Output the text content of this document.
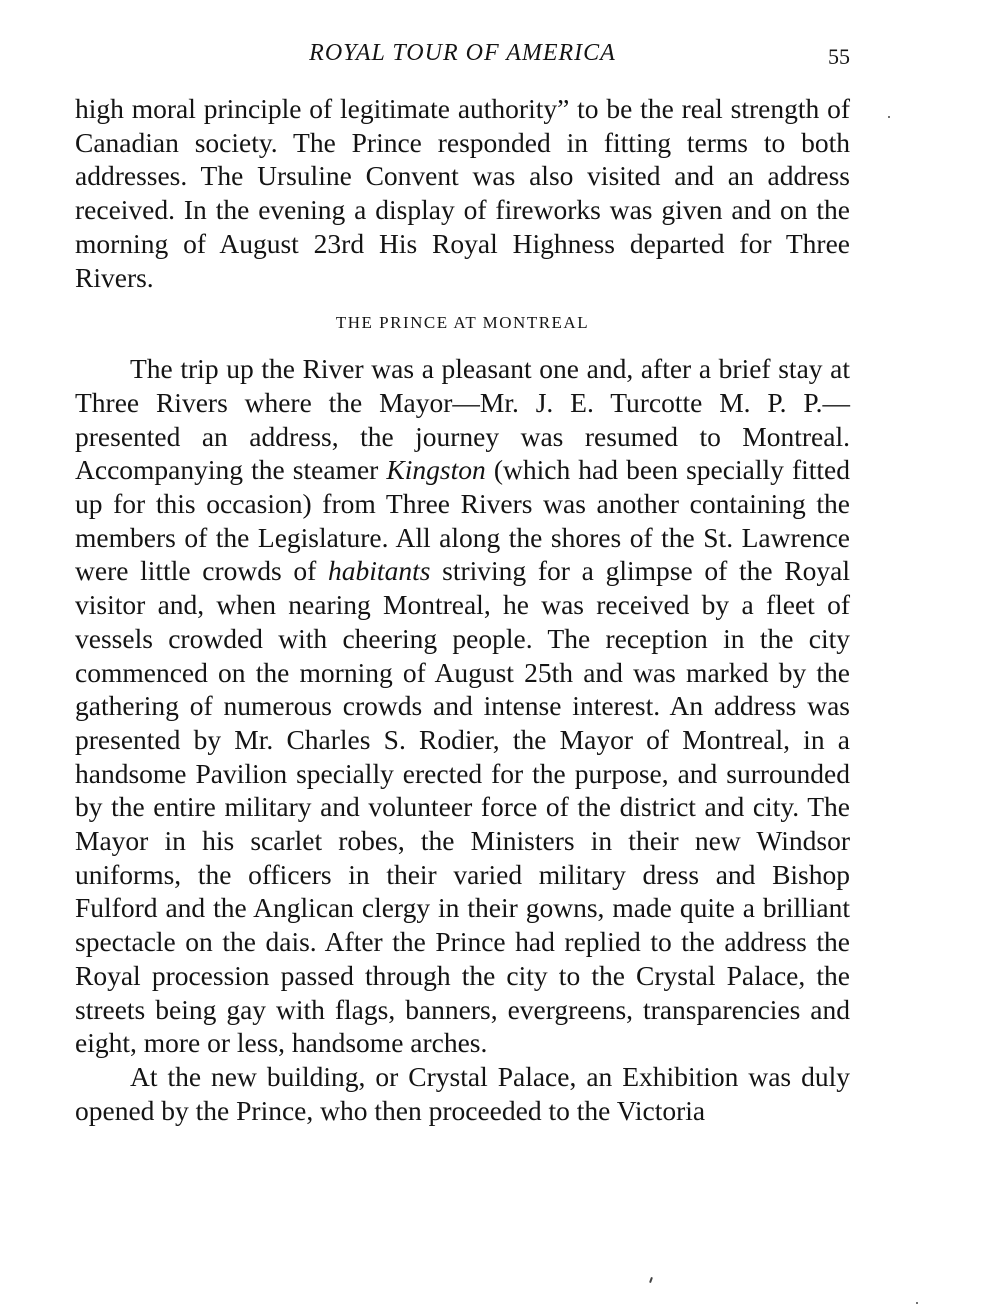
ROYAL TOUR OF AMERICA	55

high moral principle of legitimate authority” to be the real strength of Canadian society. The Prince responded in fitting terms to both addresses. The Ursuline Convent was also visited and an address received. In the evening a display of fireworks was given and on the morning of August 23rd His Royal Highness departed for Three Rivers.

THE PRINCE AT MONTREAL

The trip up the River was a pleasant one and, after a brief stay at Three Rivers where the Mayor—Mr. J. E. Turcotte M. P. P.—presented an address, the journey was resumed to Montreal. Accompanying the steamer Kingston (which had been specially fitted up for this occasion) from Three Rivers was another containing the members of the Legislature. All along the shores of the St. Lawrence were little crowds of habitants striving for a glimpse of the Royal visitor and, when nearing Montreal, he was received by a fleet of vessels crowded with cheering people. The reception in the city commenced on the morning of August 25th and was marked by the gathering of numerous crowds and intense interest. An address was presented by Mr. Charles S. Rodier, the Mayor of Montreal, in a handsome Pavilion specially erected for the purpose, and surrounded by the entire military and volunteer force of the district and city. The Mayor in his scarlet robes, the Ministers in their new Windsor uniforms, the officers in their varied military dress and Bishop Fulford and the Anglican clergy in their gowns, made quite a brilliant spectacle on the dais. After the Prince had replied to the address the Royal procession passed through the city to the Crystal Palace, the streets being gay with flags, banners, evergreens, transparencies and eight, more or less, handsome arches.

At the new building, or Crystal Palace, an Exhibition was duly opened by the Prince, who then proceeded to the Victoria
